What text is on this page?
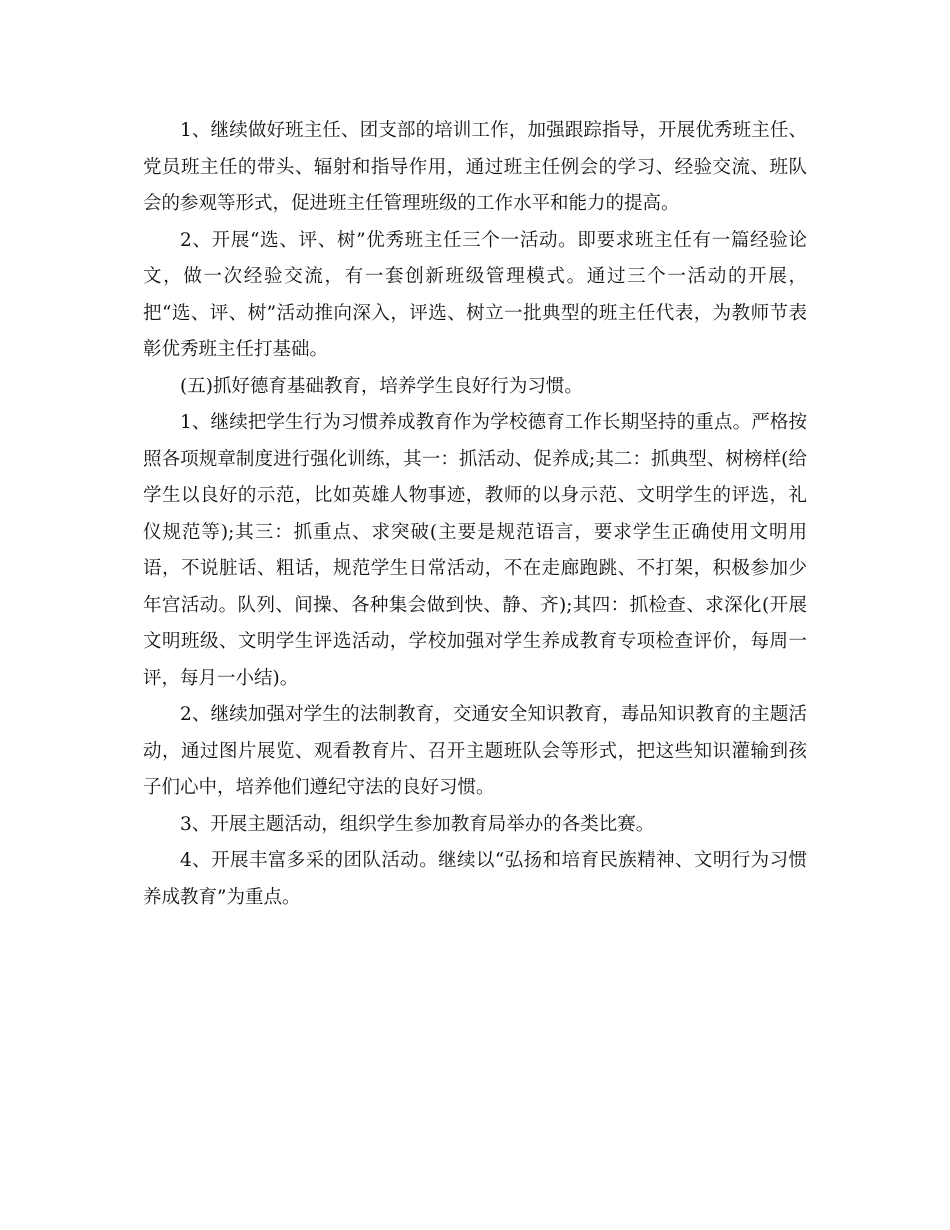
1、继续做好班主任、团支部的培训工作，加强跟踪指导，开展优秀班主任、党员班主任的带头、辐射和指导作用，通过班主任例会的学习、经验交流、班队会的参观等形式，促进班主任管理班级的工作水平和能力的提高。

2、开展“选、评、树”优秀班主任三个一活动。即要求班主任有一篇经验论文，做一次经验交流，有一套创新班级管理模式。通过三个一活动的开展，把“选、评、树”活动推向深入，评选、树立一批典型的班主任代表，为教师节表彰优秀班主任打基础。

(五)抓好德育基础教育，培养学生良好行为习惯。

1、继续把学生行为习惯养成教育作为学校德育工作长期坚持的重点。严格按照各项规章制度进行强化训练，其一：抓活动、促养成;其二：抓典型、树榜样(给学生以良好的示范，比如英雄人物事迹，教师的以身示范、文明学生的评选，礼仪规范等);其三：抓重点、求突破(主要是规范语言，要求学生正确使用文明用语，不说脏话、粗话，规范学生日常活动，不在走廊跑跳、不打架，积极参加少年宫活动。队列、间操、各种集会做到快、静、齐);其四：抓检查、求深化(开展文明班级、文明学生评选活动，学校加强对学生养成教育专项检查评价，每周一评，每月一小结)。

2、继续加强对学生的法制教育，交通安全知识教育，毒品知识教育的主题活动，通过图片展览、观看教育片、召开主题班队会等形式，把这些知识灌输到孩子们心中，培养他们遵纪守法的良好习惯。

3、开展主题活动，组织学生参加教育局举办的各类比赛。

4、开展丰富多采的团队活动。继续以“弘扬和培育民族精神、文明行为习惯养成教育”为重点。
